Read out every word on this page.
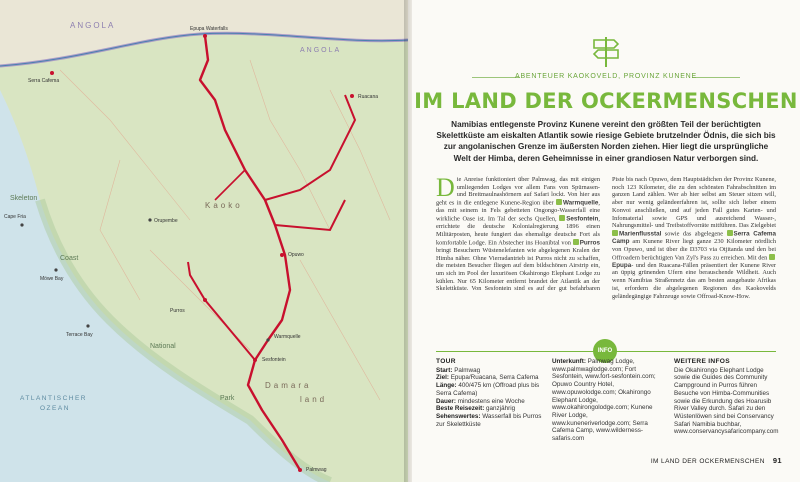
ANGOLA
ANGOLA
Skeleton
Coast
National
Park
Kaoko
Damara
land
ATLANTISCHER
OZEAN
Epupa Waterfalls
Opuwo
Sesfontein
Palmwag
Purros
Orupembe
Ruacana
Cape Fria
Möwe Bay
Terrace Bay	Warmquelle
Serra Cafema
ABENTEUER KAOKOVELD, PROVINZ KUNENE
IM LAND DER OCKERMENSCHEN
Namibias entlegenste Provinz Kunene vereint den größten Teil der berüchtigten Skelettküste am eiskalten Atlantik sowie riesige Gebiete brutzelnder Ödnis, die sich bis zur angolanischen Grenze im äußersten Norden ziehen. Hier liegt die ursprüngliche Welt der Himba, deren Geheimnisse in einer grandiosen Natur verborgen sind.
Die Anreise funktioniert über Palmwag, das mit einigen umliegenden Lodges vor allem Fans von Spürnasen- und Breitmaulnashörnern auf Safari lockt. Von hier aus geht es in die entlegene Kunene-Region über Warmquelle, das mit seinem in Fels gebetteten Ongongo-Wasserfall eine wirkliche Oase ist. Im Tal der sechs Quellen, Sesfontein, errichtete die deutsche Kolonialregierung 1896 einen Militärposten, heute fungiert das ehemalige deutsche Fort als komfortable Lodge. Ein Abstecher ins Hoanibtal von Purros bringt Besuchern Wüstenelefanten wie abgelegenen Kralen der Himba näher. Ohne Vierradantrieb ist Purros nicht zu schaffen, die meisten Besucher fliegen auf dem bildschönen Airstrip ein, um sich im Pool der luxuriösen Okahirongo Elephant Lodge zu kühlen. Nur 65 Kilometer entfernt brandet der Atlantik an der Skelettküste. Von Sesfontein sind es auf der gut befahrbaren Piste bis nach Opuwo, dem Hauptstädtchen der Provinz Kunene, noch 123 Kilometer, die zu den schönsten Fahrabschnitten im ganzen Land zählen. Wer ab hier selbst am Steuer sitzen will, aber nur wenig geländeerfahren ist, sollte sich lieber einem Konvoi anschließen, und auf jeden Fall gutes Karten- und Infomaterial sowie GPS und ausreichend Wasser-, Nahrungsmittel- und Treibstoffvorräte mitführen. Das Zielgebiet Marienflusstal sowie das abgelegene Serra Cafema Camp am Kunene River liegt ganze 230 Kilometer nördlich von Opuwo, und ist über die D3703 via Otjitanda und den bei Offroadern berüchtigten Van Zyl's Pass zu erreichen. Mit den Epupa- und den Ruacana-Fällen präsentiert der Kunene River an üppig grünenden Ufern eine berauschende Wildheit. Auch wenn Namibias Straßennetz das am besten ausgebaute Afrikas ist, erfordern die abgelegenen Regionen des Kaokovelds geländegängige Fahrzeuge sowie Offroad-Know-How.
INFO
TOUR
Start: Palmwag
Ziel: Epupa/Ruacana, Serra Cafema
Länge: 400/475 km (Offroad plus bis Serra Cafema)
Dauer: mindestens eine Woche
Beste Reisezeit: ganzjährig
Sehenswertes: Wasserfall bis Purros zur Skelettküste
Unterkunft: Palmwag Lodge, www.palmwaglodge.com; Fort Sesfontein, www.fort-sesfontein.com; Opuwo Country Hotel, www.opuwolodge.com; Okahirongo Elephant Lodge, www.okahirongolodge.com; Kunene River Lodge, www.kuneneriverlodge.com; Serra Cafema Camp, www.wilderness-safaris.com
WEITERE INFOS
Die Okahirongo Elephant Lodge sowie die Guides des Community Campground in Purros führen Besuche von Himba-Communities sowie die Erkundung des Hoarusib River Valley durch. Safari zu den Wüstenlöwen sind bei Conservancy Safari Namibia buchbar, www.conservancysafaricompany.com
IM LAND DER OCKERMENSCHEN 91
